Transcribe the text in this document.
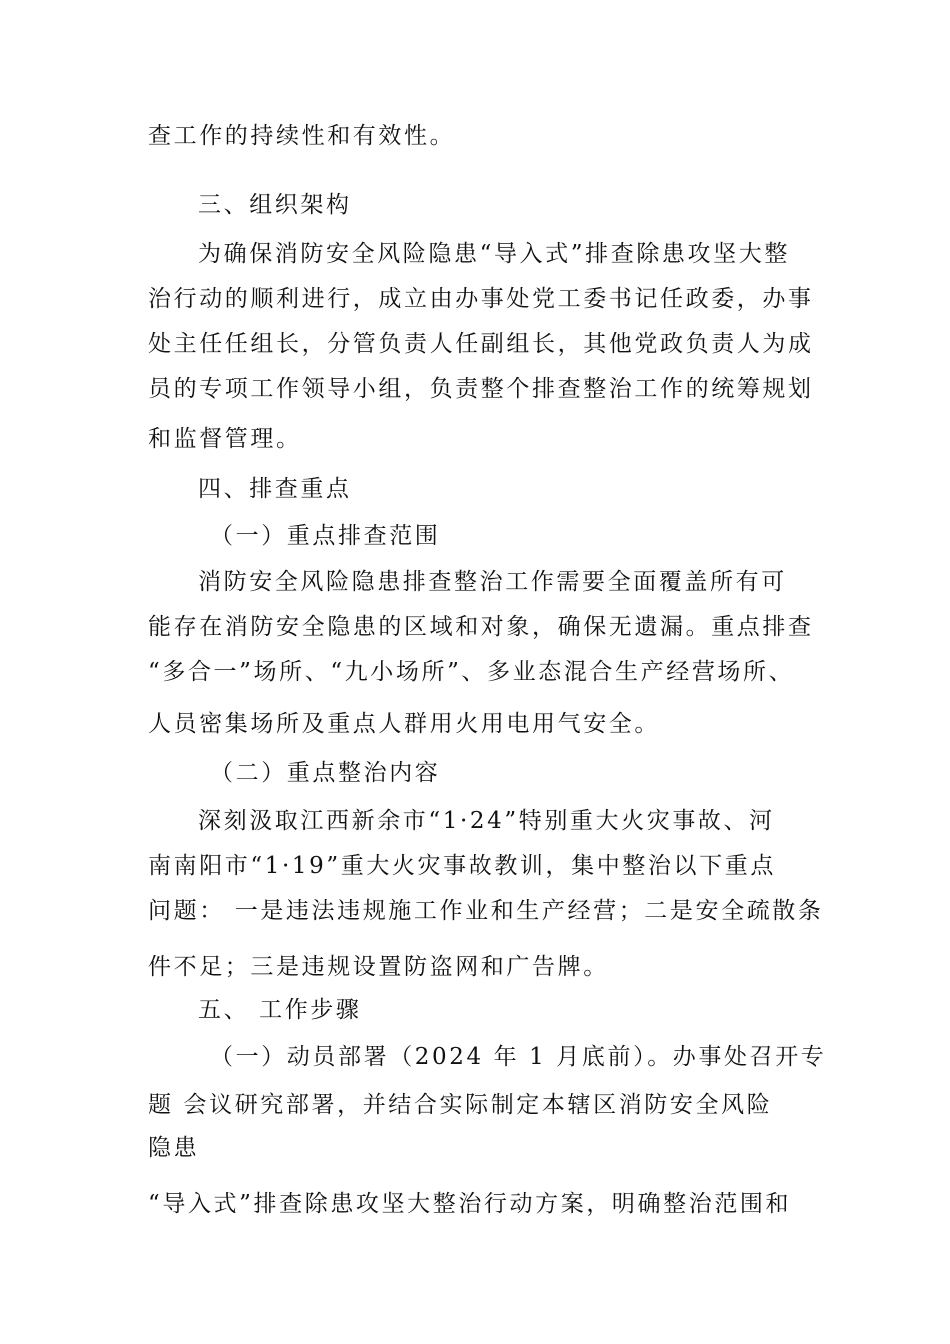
查工作的持续性和有效性。
三、组织架构
为确保消防安全风险隐患“导入式”排查除患攻坚大整
治行动的顺利进行，成立由办事处党工委书记任政委，办事
处主任任组长，分管负责人任副组长，其他党政负责人为成
员的专项工作领导小组，负责整个排查整治工作的统筹规划
和监督管理。
四、排查重点
（一）重点排查范围
消防安全风险隐患排查整治工作需要全面覆盖所有可
能存在消防安全隐患的区域和对象，确保无遗漏。重点排查
“多合一”场所、“九小场所”、多业态混合生产经营场所、
人员密集场所及重点人群用火用电用气安全。
（二）重点整治内容
深刻汲取江西新余市“1·24”特别重大火灾事故、河
南南阳市“1·19”重大火灾事故教训，集中整治以下重点
问题： 一是违法违规施工作业和生产经营；二是安全疏散条
件不足；三是违规设置防盗网和广告牌。
五、 工作步骤
（一）动员部署（2024 年 1 月底前）。办事处召开专
题 会议研究部署，并结合实际制定本辖区消防安全风险
隐患
“导入式”排查除患攻坚大整治行动方案，明确整治范围和
